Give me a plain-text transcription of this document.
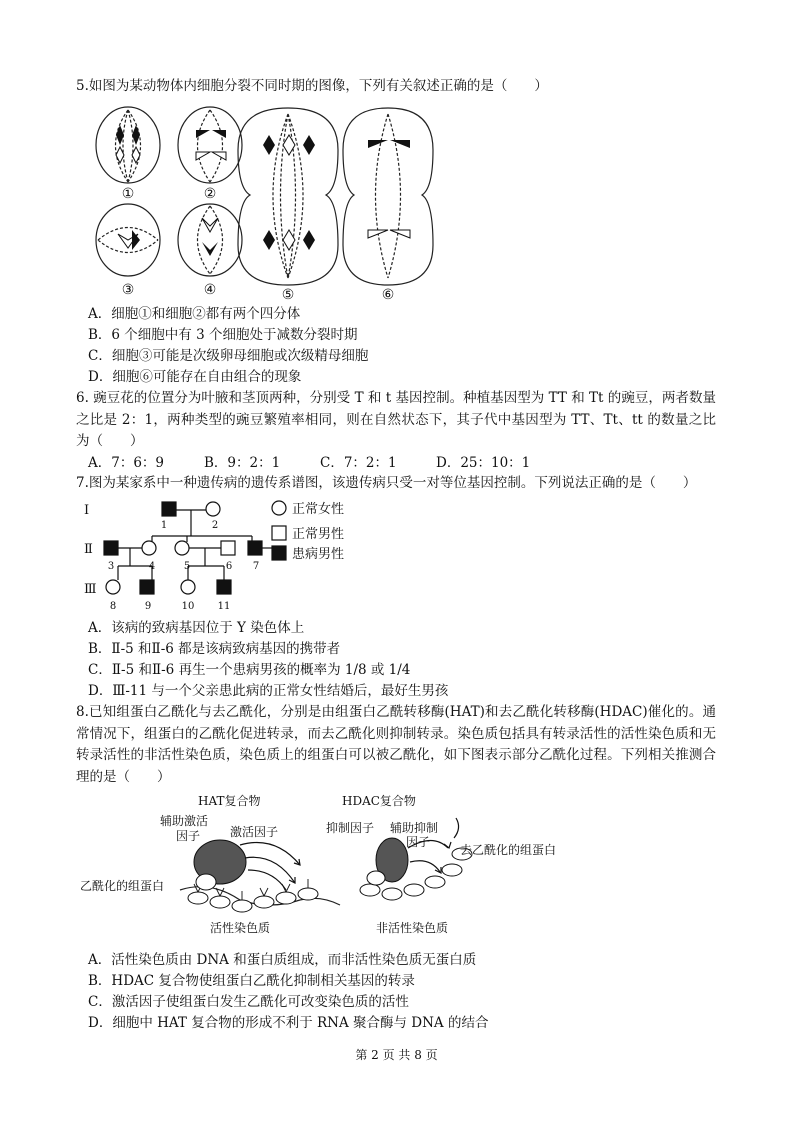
5.如图为某动物体内细胞分裂不同时期的图像，下列有关叙述正确的是（　　）
①	②
⑤	⑥
③	④
A．细胞①和细胞②都有两个四分体
B．6 个细胞中有 3 个细胞处于减数分裂时期
C．细胞③可能是次级卵母细胞或次级精母细胞
D．细胞⑥可能存在自由组合的现象
6. 豌豆花的位置分为叶腋和茎顶两种，分别受 T 和 t 基因控制。种植基因型为 TT 和 Tt 的豌豆，两者数量之比是 2：1，两种类型的豌豆繁殖率相同，则在自然状态下，其子代中基因型为 TT、Tt、tt 的数量之比为（　　）
A．7：6：9	B．9：2：1	C．7：2：1	D．25：10：1
7.图为某家系中一种遗传病的遗传系谱图，该遗传病只受一对等位基因控制。下列说法正确的是（　　）
Ⅰ
Ⅱ
Ⅲ
1	2
3	4	5	6 7
8	9	10 11
正常女性
正常男性
患病男性
A．该病的致病基因位于 Y 染色体上
B．Ⅱ-5 和Ⅱ-6 都是该病致病基因的携带者
C．Ⅱ-5 和Ⅱ-6 再生一个患病男孩的概率为 1/8 或 1/4
D．Ⅲ-11 与一个父亲患此病的正常女性结婚后，最好生男孩
8.已知组蛋白乙酰化与去乙酰化，分别是由组蛋白乙酰转移酶(HAT)和去乙酰化转移酶(HDAC)催化的。通常情况下，组蛋白的乙酰化促进转录，而去乙酰化则抑制转录。染色质包括具有转录活性的活性染色质和无转录活性的非活性染色质，染色质上的组蛋白可以被乙酰化，如下图表示部分乙酰化过程。下列相关推测合理的是（　　）
HAT复合物
辅助激活
因子 激活因子
乙酰化的组蛋白
活性染色质
HDAC复合物
抑制因子 辅助抑制
因子
去乙酰化的组蛋白
非活性染色质
A．活性染色质由 DNA 和蛋白质组成，而非活性染色质无蛋白质
B．HDAC 复合物使组蛋白乙酰化抑制相关基因的转录
C．激活因子使组蛋白发生乙酰化可改变染色质的活性
D．细胞中 HAT 复合物的形成不利于 RNA 聚合酶与 DNA 的结合
第 2 页 共 8 页
